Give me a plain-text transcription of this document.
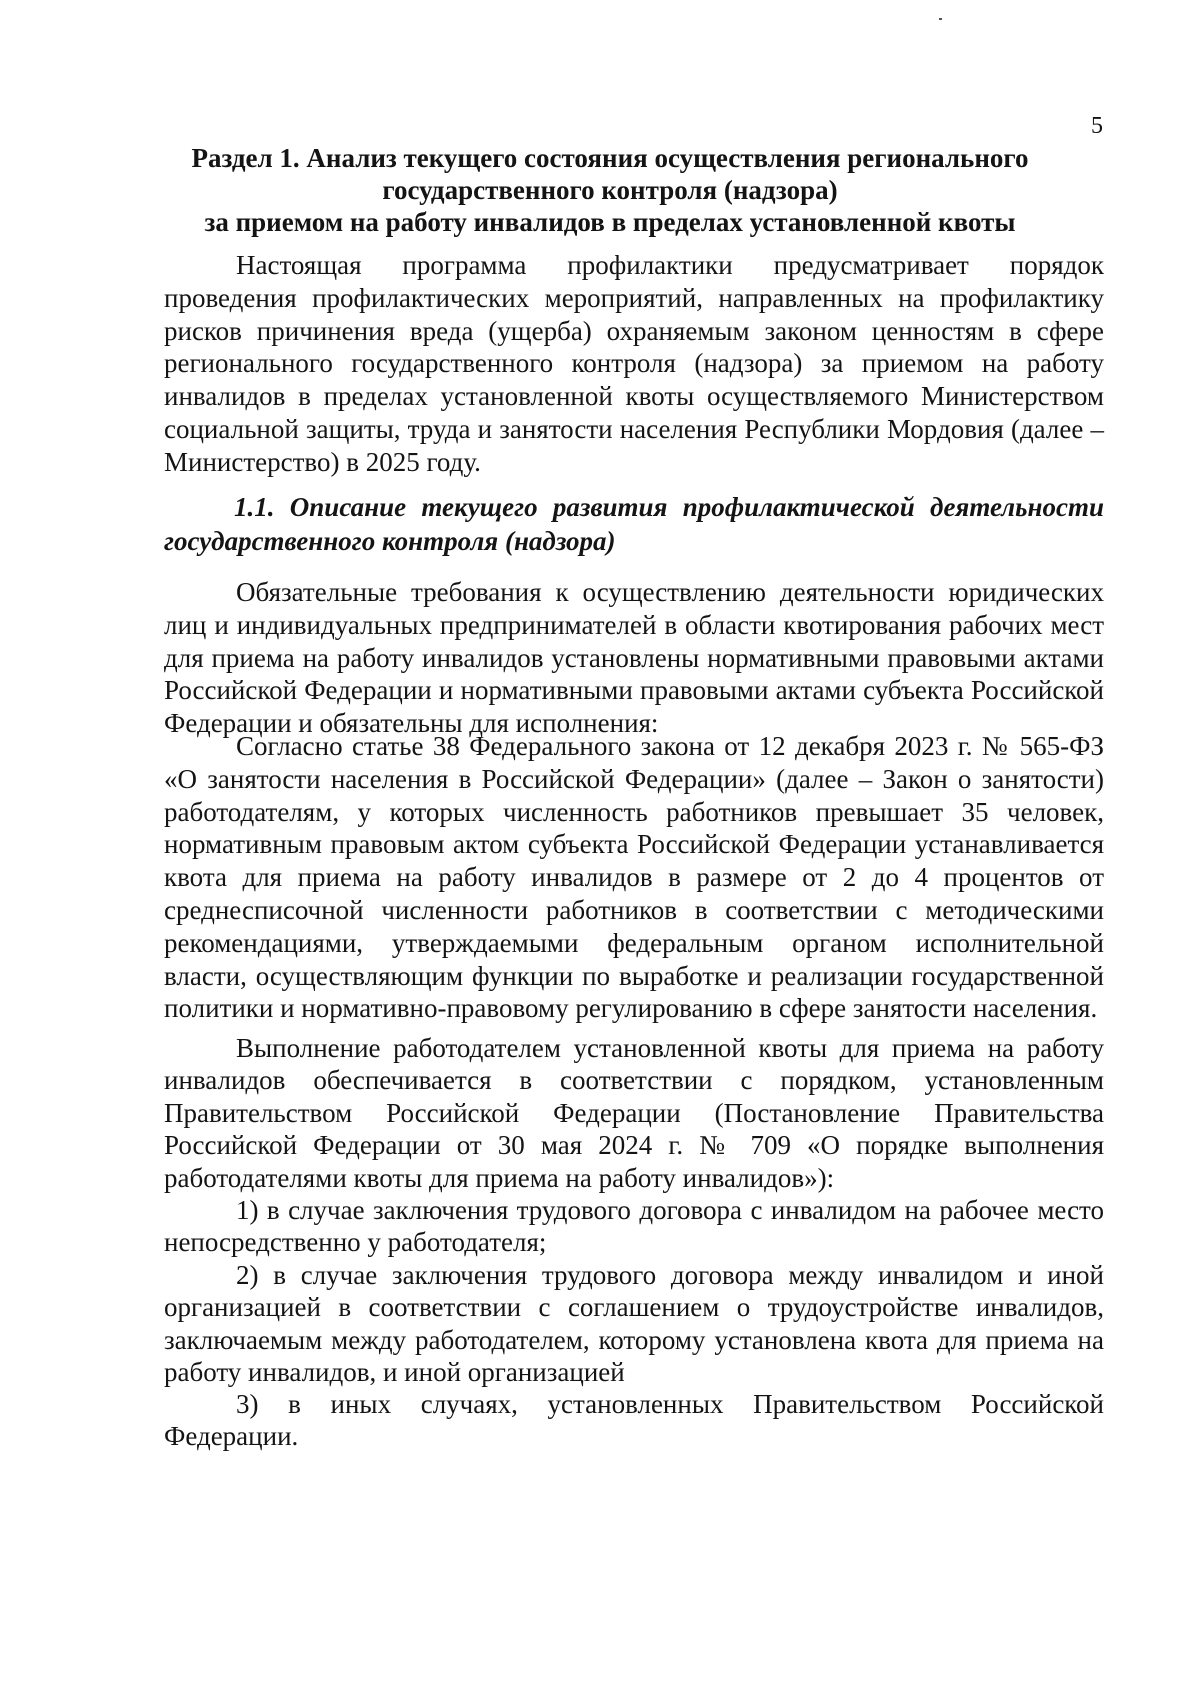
5
Раздел 1. Анализ текущего состояния осуществления регионального
государственного контроля (надзора)
за приемом на работу инвалидов в пределах установленной квоты
Настоящая программа профилактики предусматривает порядок проведения профилактических мероприятий, направленных на профилактику рисков причинения вреда (ущерба) охраняемым законом ценностям в сфере регионального государственного контроля (надзора) за приемом на работу инвалидов в пределах установленной квоты осуществляемого Министерством социальной защиты, труда и занятости населения Республики Мордовия (далее – Министерство) в 2025 году.
1.1. Описание текущего развития профилактической деятельности государственного контроля (надзора)
Обязательные требования к осуществлению деятельности юридических лиц и индивидуальных предпринимателей в области квотирования рабочих мест для приема на работу инвалидов установлены нормативными правовыми актами Российской Федерации и нормативными правовыми актами субъекта Российской Федерации и обязательны для исполнения:
Согласно статье 38 Федерального закона от 12 декабря 2023 г. № 565-ФЗ «О занятости населения в Российской Федерации» (далее – Закон о занятости) работодателям, у которых численность работников превышает 35 человек, нормативным правовым актом субъекта Российской Федерации устанавливается квота для приема на работу инвалидов в размере от 2 до 4 процентов от среднесписочной численности работников в соответствии с методическими рекомендациями, утверждаемыми федеральным органом исполнительной власти, осуществляющим функции по выработке и реализации государственной политики и нормативно-правовому регулированию в сфере занятости населения.
Выполнение работодателем установленной квоты для приема на работу инвалидов обеспечивается в соответствии с порядком, установленным Правительством Российской Федерации (Постановление Правительства Российской Федерации от 30 мая 2024 г. № 709 «О порядке выполнения работодателями квоты для приема на работу инвалидов»):
1) в случае заключения трудового договора с инвалидом на рабочее место непосредственно у работодателя;
2) в случае заключения трудового договора между инвалидом и иной организацией в соответствии с соглашением о трудоустройстве инвалидов, заключаемым между работодателем, которому установлена квота для приема на работу инвалидов, и иной организацией
3) в иных случаях, установленных Правительством Российской Федерации.
